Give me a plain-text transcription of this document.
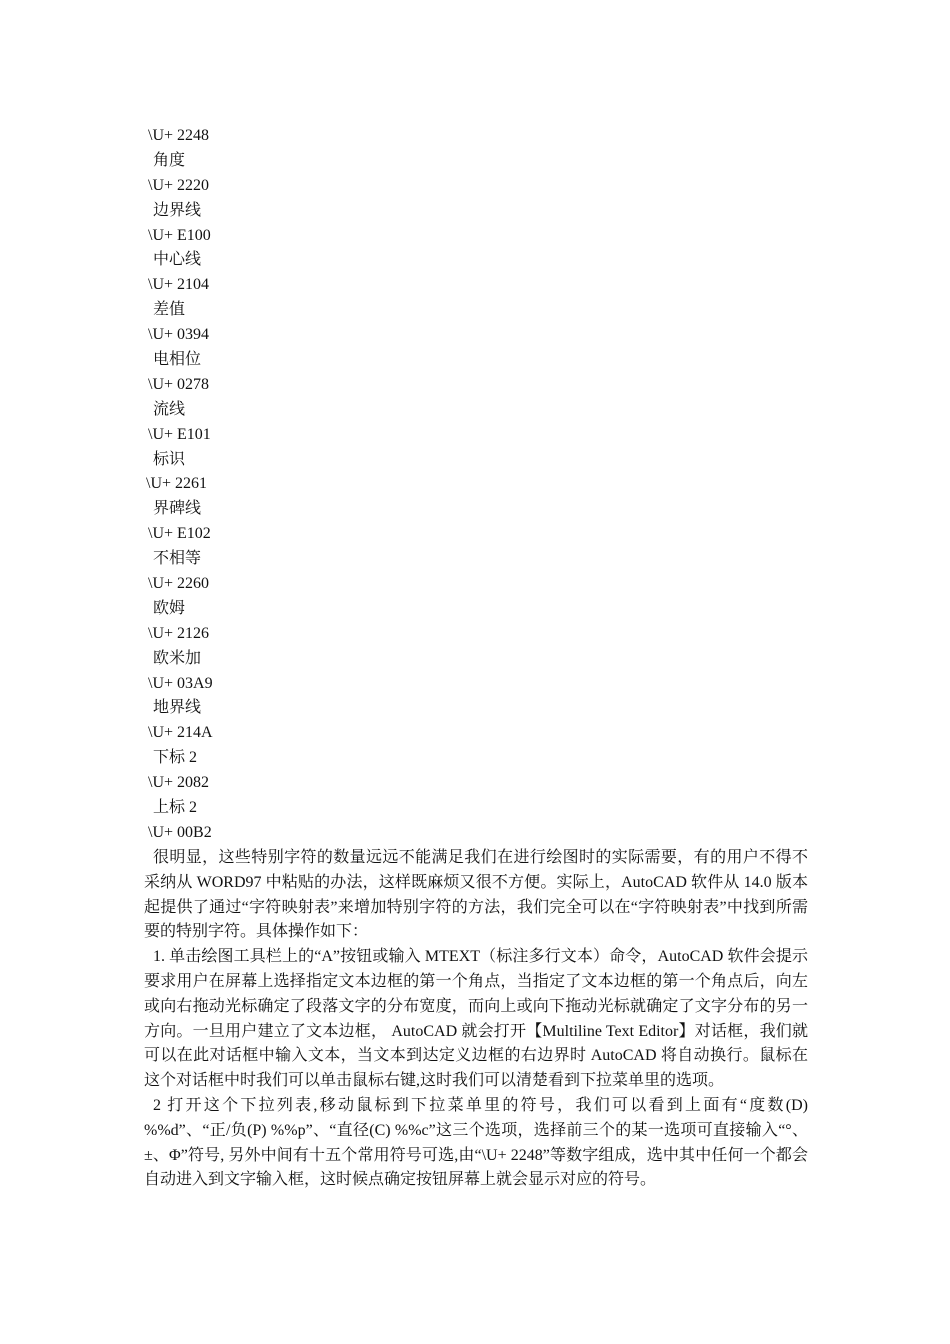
\U+ 2248
角度
\U+ 2220
边界线
\U+ E100
中心线
\U+ 2104
差值
\U+ 0394
电相位
\U+ 0278
流线
\U+ E101
标识
\U+ 2261
界碑线
\U+ E102
不相等
\U+ 2260
欧姆
\U+ 2126
欧米加
\U+ 03A9
地界线
\U+ 214A
下标 2
\U+ 2082
上标 2
\U+ 00B2

很明显，这些特别字符的数量远远不能满足我们在进行绘图时的实际需要，有的用户不得不采纳从 WORD97 中粘贴的办法，这样既麻烦又很不方便。实际上，AutoCAD 软件从 14.0 版本起提供了通过“字符映射表”来增加特别字符的方法，我们完全可以在“字符映射表”中找到所需要的特别字符。具体操作如下：

1. 单击绘图工具栏上的“A”按钮或输入 MTEXT（标注多行文本）命令，AutoCAD 软件会提示要求用户在屏幕上选择指定文本边框的第一个角点，当指定了文本边框的第一个角点后，向左或向右拖动光标确定了段落文字的分布宽度，而向上或向下拖动光标就确定了文字分布的另一方向。一旦用户建立了文本边框， AutoCAD 就会打开【Multiline Text Editor】对话框，我们就可以在此对话框中输入文本，当文本到达定义边框的右边界时 AutoCAD 将自动换行。鼠标在这个对话框中时我们可以单击鼠标右键,这时我们可以清楚看到下拉菜单里的选项。

2 打开这个下拉列表,移动鼠标到下拉菜单里的符号，我们可以看到上面有“度数(D) %%d”、“正/负(P) %%p”、“直径(C) %%c”这三个选项，选择前三个的某一选项可直接输入“°、±、Φ”符号, 另外中间有十五个常用符号可选,由“\U+ 2248”等数字组成，选中其中任何一个都会自动进入到文字输入框，这时候点确定按钮屏幕上就会显示对应的符号。
